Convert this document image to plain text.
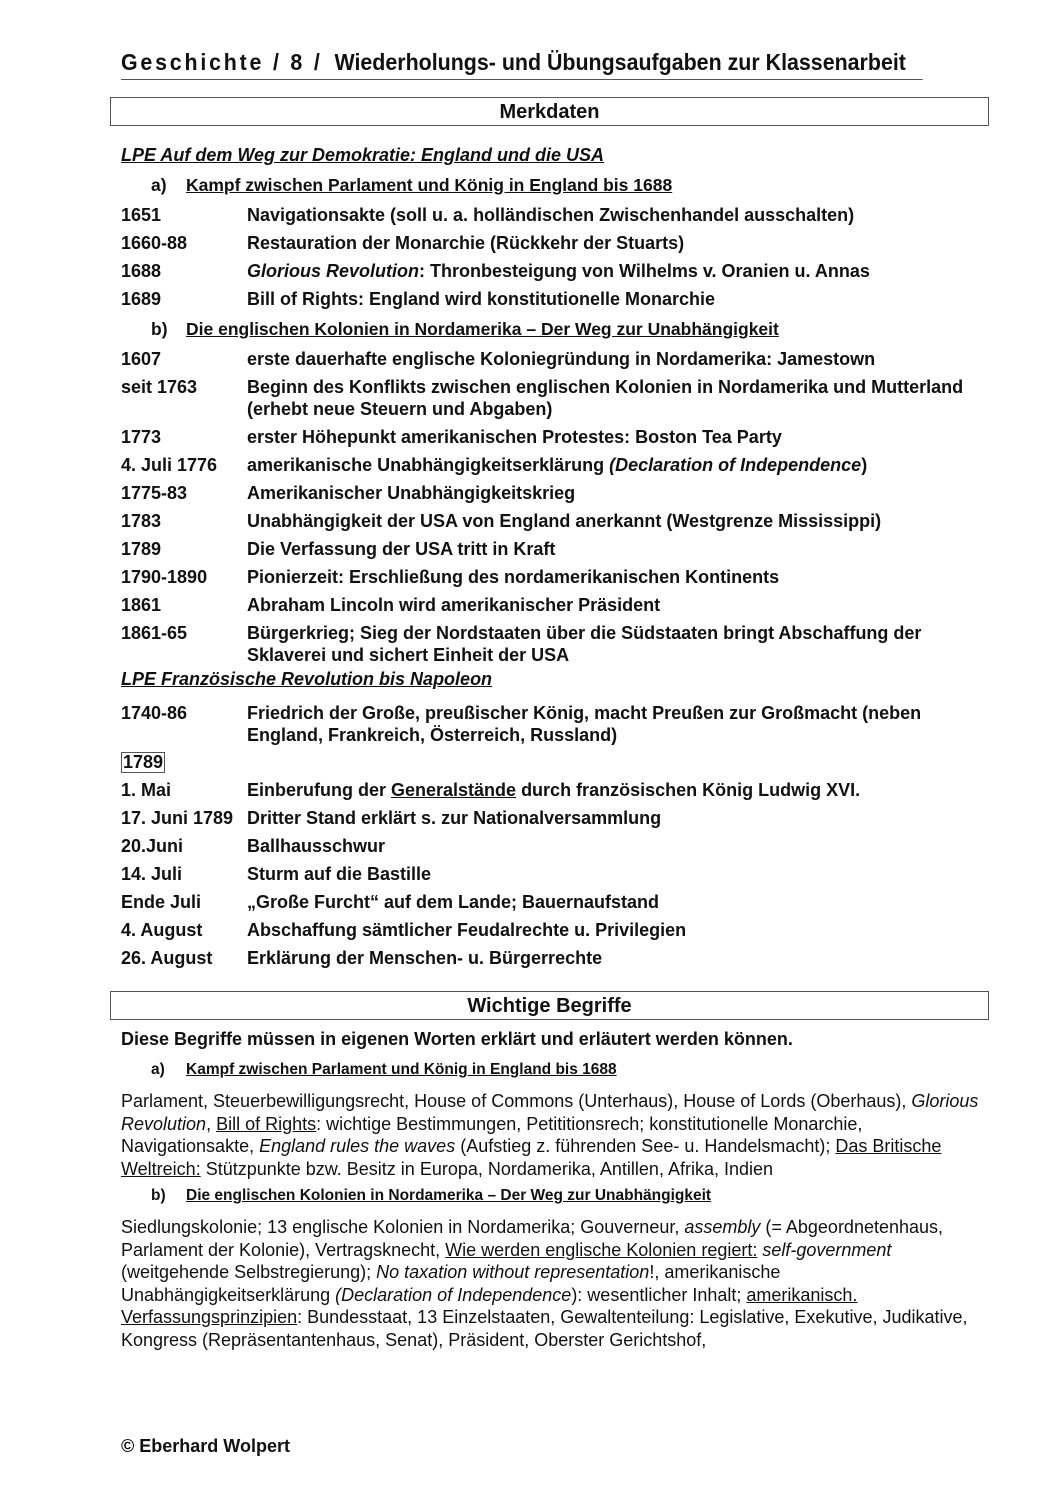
Geschichte / 8 / Wiederholungs- und Übungsaufgaben zur Klassenarbeit
Merkdaten
LPE Auf dem Weg zur Demokratie: England und die USA
a) Kampf zwischen Parlament und König in England bis 1688
1651	Navigationsakte (soll u. a. holländischen Zwischenhandel ausschalten)
1660-88	Restauration der Monarchie (Rückkehr der Stuarts)
1688	Glorious Revolution: Thronbesteigung von Wilhelms v. Oranien u. Annas
1689	Bill of Rights: England wird konstitutionelle Monarchie
b) Die englischen Kolonien in Nordamerika – Der Weg zur Unabhängigkeit
1607	erste dauerhafte englische Koloniegründung in Nordamerika: Jamestown
seit 1763	Beginn des Konflikts zwischen englischen Kolonien in Nordamerika und Mutterland (erhebt neue Steuern und Abgaben)
1773	erster Höhepunkt amerikanischen Protestes: Boston Tea Party
4. Juli 1776	amerikanische Unabhängigkeitserklärung (Declaration of Independence)
1775-83	Amerikanischer Unabhängigkeitskrieg
1783	Unabhängigkeit der USA von England anerkannt (Westgrenze Mississippi)
1789	Die Verfassung der USA tritt in Kraft
1790-1890	Pionierzeit: Erschließung des nordamerikanischen Kontinents
1861	Abraham Lincoln wird amerikanischer Präsident
1861-65	Bürgerkrieg; Sieg der Nordstaaten über die Südstaaten bringt Abschaffung der Sklaverei und sichert Einheit der USA
LPE Französische Revolution bis Napoleon
1740-86	Friedrich der Große, preußischer König, macht Preußen zur Großmacht (neben England, Frankreich, Österreich, Russland)
1789
1. Mai	Einberufung der Generalstände durch französischen König Ludwig XVI.
17. Juni 1789 Dritter Stand erklärt s. zur Nationalversammlung
20.Juni	Ballhausschwur
14. Juli	Sturm auf die Bastille
Ende Juli	„Große Furcht“ auf dem Lande; Bauernaufstand
4. August	Abschaffung sämtlicher Feudalrechte u. Privilegien
26. August	Erklärung der Menschen- u. Bürgerrechte
Wichtige Begriffe
Diese Begriffe müssen in eigenen Worten erklärt und erläutert werden können.
a) Kampf zwischen Parlament und König in England bis 1688
Parlament, Steuerbewilligungsrecht, House of Commons (Unterhaus), House of Lords (Oberhaus), Glorious Revolution, Bill of Rights: wichtige Bestimmungen, Petititionsrech; konstitutionelle Monarchie, Navigationsakte, England rules the waves (Aufstieg z. führenden See- u. Handelsmacht); Das Britische Weltreich: Stützpunkte bzw. Besitz in Europa, Nordamerika, Antillen, Afrika, Indien
b) Die englischen Kolonien in Nordamerika – Der Weg zur Unabhängigkeit
Siedlungskolonie; 13 englische Kolonien in Nordamerika; Gouverneur, assembly (= Abgeordnetenhaus, Parlament der Kolonie), Vertragsknecht, Wie werden englische Kolonien regiert: self-government (weitgehende Selbstregierung); No taxation without representation!, amerikanische Unabhängigkeitserklärung (Declaration of Independence): wesentlicher Inhalt; amerikanisch. Verfassungsprinzipien: Bundesstaat, 13 Einzelstaaten, Gewaltenteilung: Legislative, Exekutive, Judikative, Kongress (Repräsentantenhaus, Senat), Präsident, Oberster Gerichtshof,
© Eberhard Wolpert
